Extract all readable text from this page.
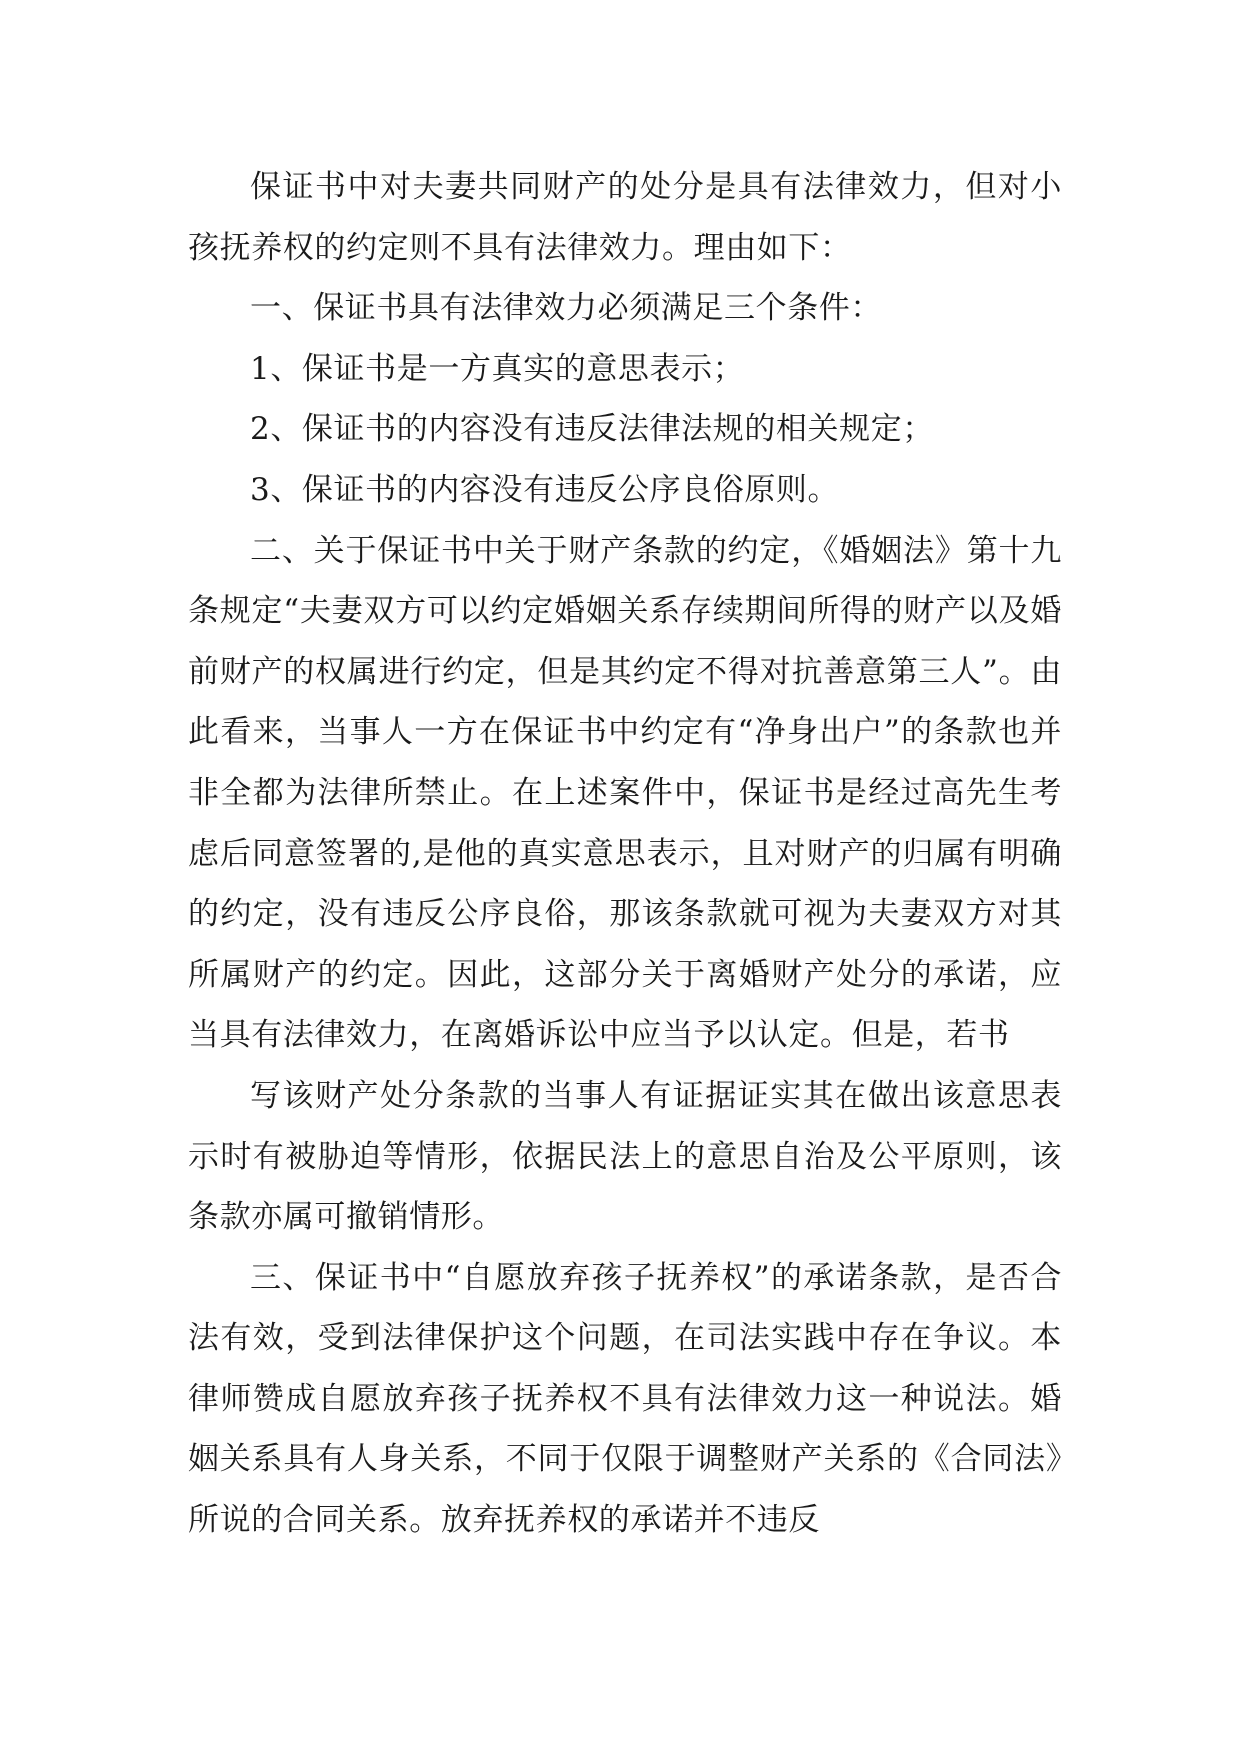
保证书中对夫妻共同财产的处分是具有法律效力，但对小孩抚养权的约定则不具有法律效力。理由如下：

一、保证书具有法律效力必须满足三个条件：

1、保证书是一方真实的意思表示；

2、保证书的内容没有违反法律法规的相关规定；

3、保证书的内容没有违反公序良俗原则。

二、关于保证书中关于财产条款的约定，《婚姻法》第十九条规定“夫妻双方可以约定婚姻关系存续期间所得的财产以及婚前财产的权属进行约定，但是其约定不得对抗善意第三人”。由此看来，当事人一方在保证书中约定有“净身出户”的条款也并非全都为法律所禁止。在上述案件中，保证书是经过高先生考虑后同意签署的,是他的真实意思表示，且对财产的归属有明确的约定，没有违反公序良俗，那该条款就可视为夫妻双方对其所属财产的约定。因此，这部分关于离婚财产处分的承诺，应当具有法律效力，在离婚诉讼中应当予以认定。但是，若书

写该财产处分条款的当事人有证据证实其在做出该意思表示时有被胁迫等情形，依据民法上的意思自治及公平原则，该条款亦属可撤销情形。

三、保证书中“自愿放弃孩子抚养权”的承诺条款，是否合法有效，受到法律保护这个问题，在司法实践中存在争议。本律师赞成自愿放弃孩子抚养权不具有法律效力这一种说法。婚姻关系具有人身关系，不同于仅限于调整财产关系的《合同法》所说的合同关系。放弃抚养权的承诺并不违反
